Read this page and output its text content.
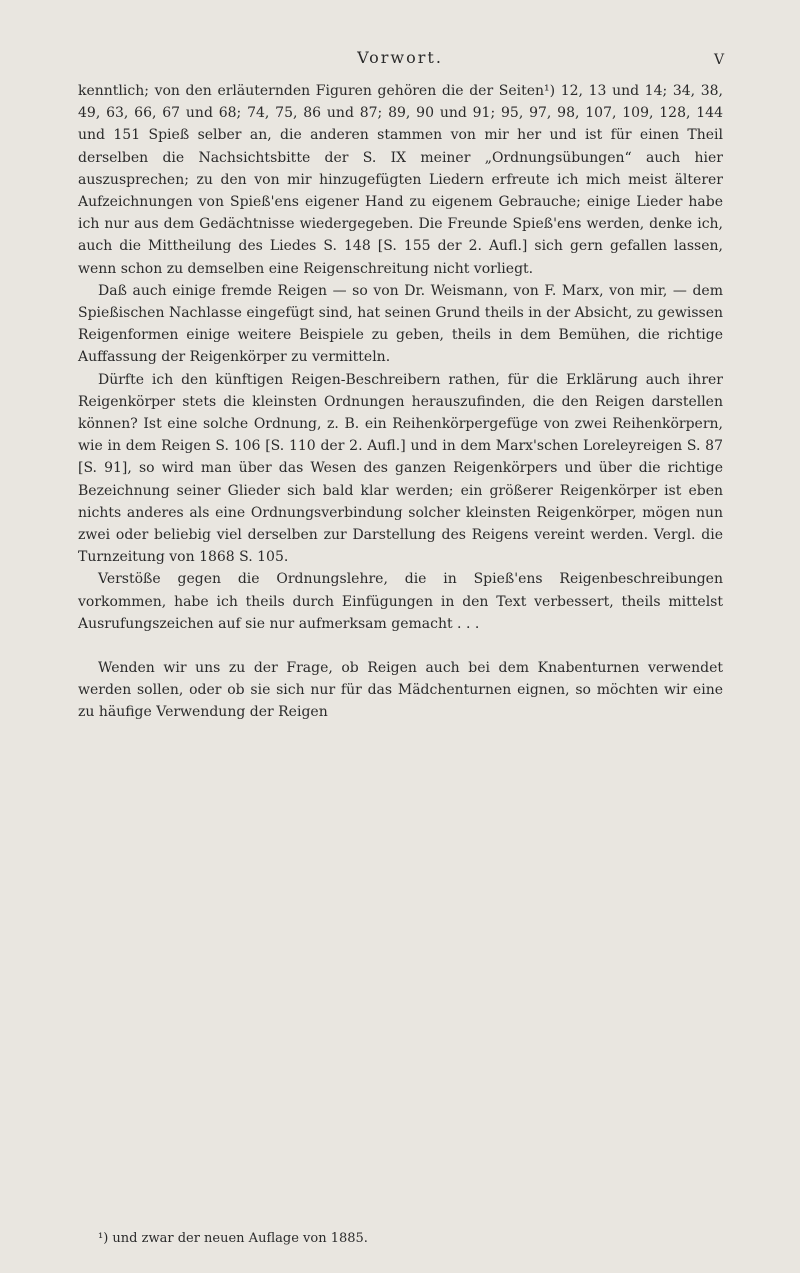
Vorwort.	V

kenntlich; von den erläuternden Figuren gehören die der Seiten¹) 12, 13 und 14; 34, 38, 49, 63, 66, 67 und 68; 74, 75, 86 und 87; 89, 90 und 91; 95, 97, 98, 107, 109, 128, 144 und 151 Spieß selber an, die anderen stammen von mir her und ist für einen Theil derselben die Nachsichtsbitte der S. IX meiner „Ordnungsübungen“ auch hier auszusprechen; zu den von mir hinzugefügten Liedern erfreute ich mich meist älterer Aufzeichnungen von Spieß'ens eigener Hand zu eigenem Gebrauche; einige Lieder habe ich nur aus dem Gedächtnisse wiedergegeben. Die Freunde Spieß'ens werden, denke ich, auch die Mittheilung des Liedes S. 148 [S. 155 der 2. Aufl.] sich gern gefallen lassen, wenn schon zu demselben eine Reigenschreitung nicht vorliegt.

Daß auch einige fremde Reigen — so von Dr. Weismann, von F. Marx, von mir, — dem Spießischen Nachlasse eingefügt sind, hat seinen Grund theils in der Absicht, zu gewissen Reigenformen einige weitere Beispiele zu geben, theils in dem Bemühen, die richtige Auffassung der Reigenkörper zu vermitteln.

Dürfte ich den künftigen Reigen-Beschreibern rathen, für die Erklärung auch ihrer Reigenkörper stets die kleinsten Ordnungen herauszufinden, die den Reigen darstellen können? Ist eine solche Ordnung, z. B. ein Reihenkörpergefüge von zwei Reihenkörpern, wie in dem Reigen S. 106 [S. 110 der 2. Aufl.] und in dem Marx'schen Loreleyreigen S. 87 [S. 91], so wird man über das Wesen des ganzen Reigenkörpers und über die richtige Bezeichnung seiner Glieder sich bald klar werden; ein größerer Reigenkörper ist eben nichts anderes als eine Ordnungsverbindung solcher kleinsten Reigenkörper, mögen nun zwei oder beliebig viel derselben zur Darstellung des Reigens vereint werden. Vergl. die Turnzeitung von 1868 S. 105.

Verstöße gegen die Ordnungslehre, die in Spieß'ens Reigenbeschreibungen vorkommen, habe ich theils durch Einfügungen in den Text verbessert, theils mittelst Ausrufungszeichen auf sie nur aufmerksam gemacht . . .

Wenden wir uns zu der Frage, ob Reigen auch bei dem Knabenturnen verwendet werden sollen, oder ob sie sich nur für das Mädchenturnen eignen, so möchten wir eine zu häufige Verwendung der Reigen

¹) und zwar der neuen Auflage von 1885.
